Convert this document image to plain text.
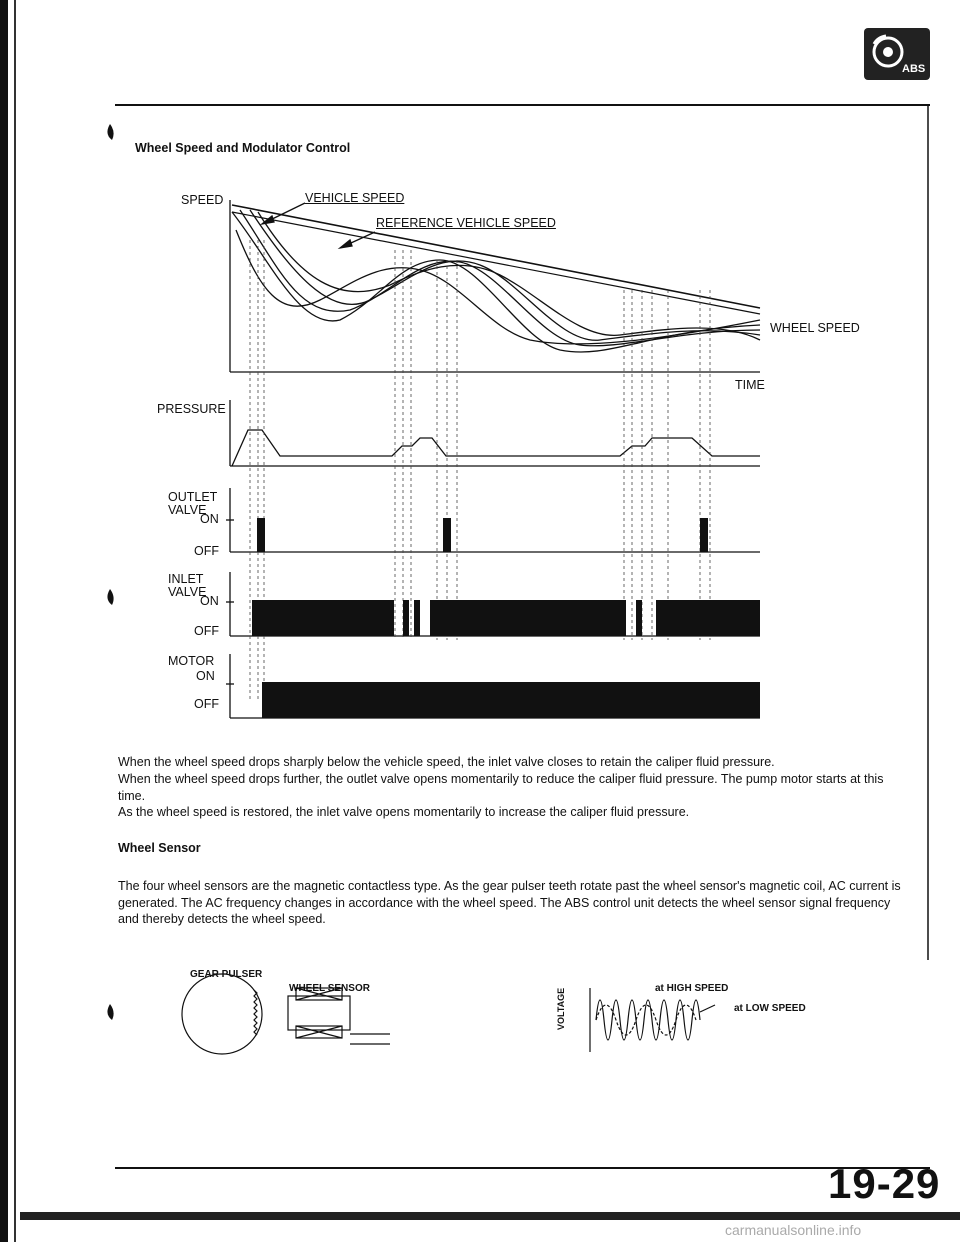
ABS
Wheel Speed and Modulator Control
SPEED	VEHICLE SPEED
REFERENCE VEHICLE SPEED
WHEEL SPEED
TIME
PRESSURE
OUTLET
VALVE
ON
OFF
INLET
VALVE
ON
OFF
MOTOR
ON
OFF

When the wheel speed drops sharply below the vehicle speed, the inlet valve closes to retain the caliper fluid pressure.

When the wheel speed drops further, the outlet valve opens momentarily to reduce the caliper fluid pressure. The pump motor starts at this time.

As the wheel speed is restored, the inlet valve opens momentarily to increase the caliper fluid pressure.

Wheel Sensor

The four wheel sensors are the magnetic contactless type. As the gear pulser teeth rotate past the wheel sensor's magnetic coil, AC current is generated. The AC frequency changes in accordance with the wheel speed. The ABS control unit detects the wheel sensor signal frequency and thereby detects the wheel speed.

GEAR PULSER
WHEEL SENSOR	at HIGH SPEED
at LOW SPEED
VOLTAGE
19-29
carmanualsonline.info
